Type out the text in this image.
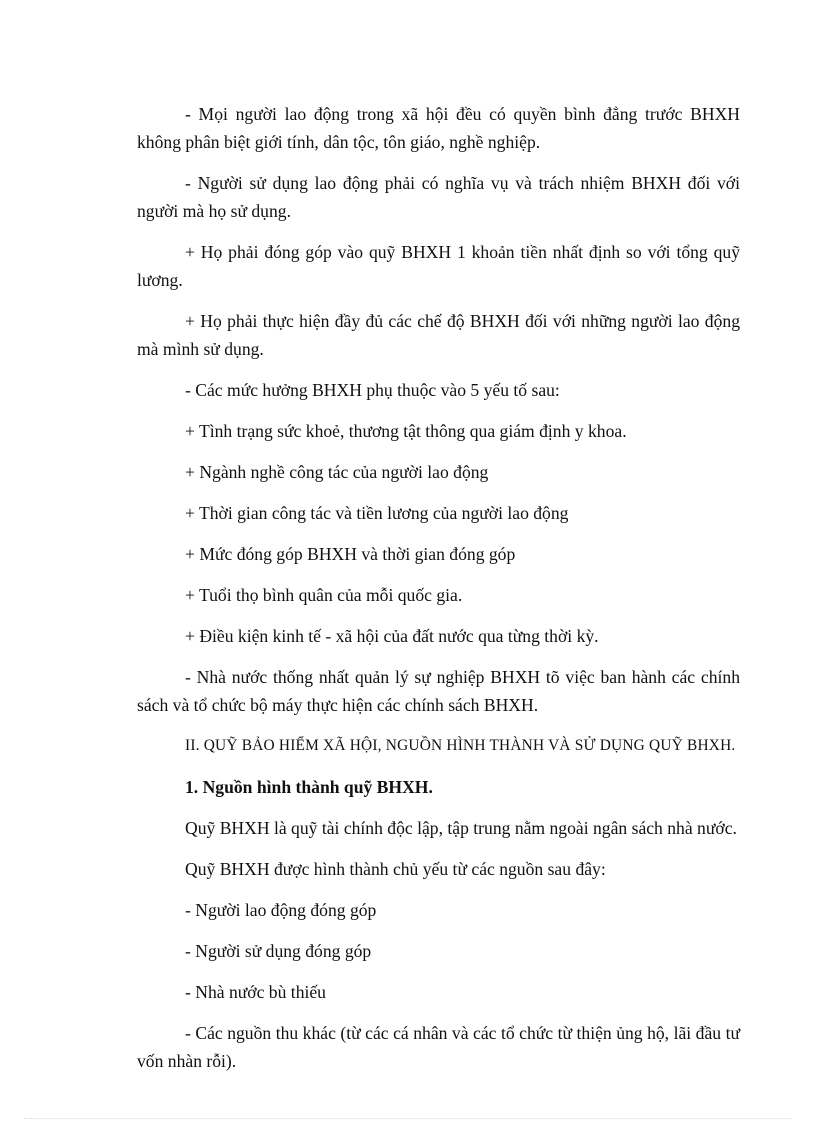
- Mọi người lao động trong xã hội đều có quyền bình đẳng trước BHXH không phân biệt giới tính, dân tộc, tôn giáo, nghề nghiệp.

- Người sử dụng lao động phải có nghĩa vụ và trách nhiệm BHXH đối với người mà họ sử dụng.

+ Họ phải đóng góp vào quỹ BHXH 1 khoản tiền nhất định so với tổng quỹ lương.

+ Họ phải thực hiện đầy đủ các chế độ BHXH đối với những người lao động mà mình sử dụng.

- Các mức hưởng BHXH phụ thuộc vào 5 yếu tố sau:

+ Tình trạng sức khoẻ, thương tật thông qua giám định y khoa.

+ Ngành nghề công tác của người lao động

+ Thời gian công tác và tiền lương của người lao động

+ Mức đóng góp BHXH và thời gian đóng góp

+ Tuổi thọ bình quân của mỗi quốc gia.

+ Điều kiện kinh tế - xã hội của đất nước qua từng thời kỳ.

- Nhà nước thống nhất quản lý sự nghiệp BHXH tõ việc ban hành các chính sách và tổ chức bộ máy thực hiện các chính sách BHXH.

II. QUỸ BẢO HIỂM XÃ HỘI, NGUỒN HÌNH THÀNH VÀ SỬ DỤNG QUỸ BHXH.

1. Nguồn hình thành quỹ BHXH.

Quỹ BHXH là quỹ tài chính độc lập, tập trung nằm ngoài ngân sách nhà nước.

Quỹ BHXH được hình thành chủ yếu từ các nguồn sau đây:

- Người lao động đóng góp

- Người sử dụng đóng góp

- Nhà nước bù thiếu

- Các nguồn thu khác (từ các cá nhân và các tổ chức từ thiện ủng hộ, lãi đầu tư vốn nhàn rỗi).
